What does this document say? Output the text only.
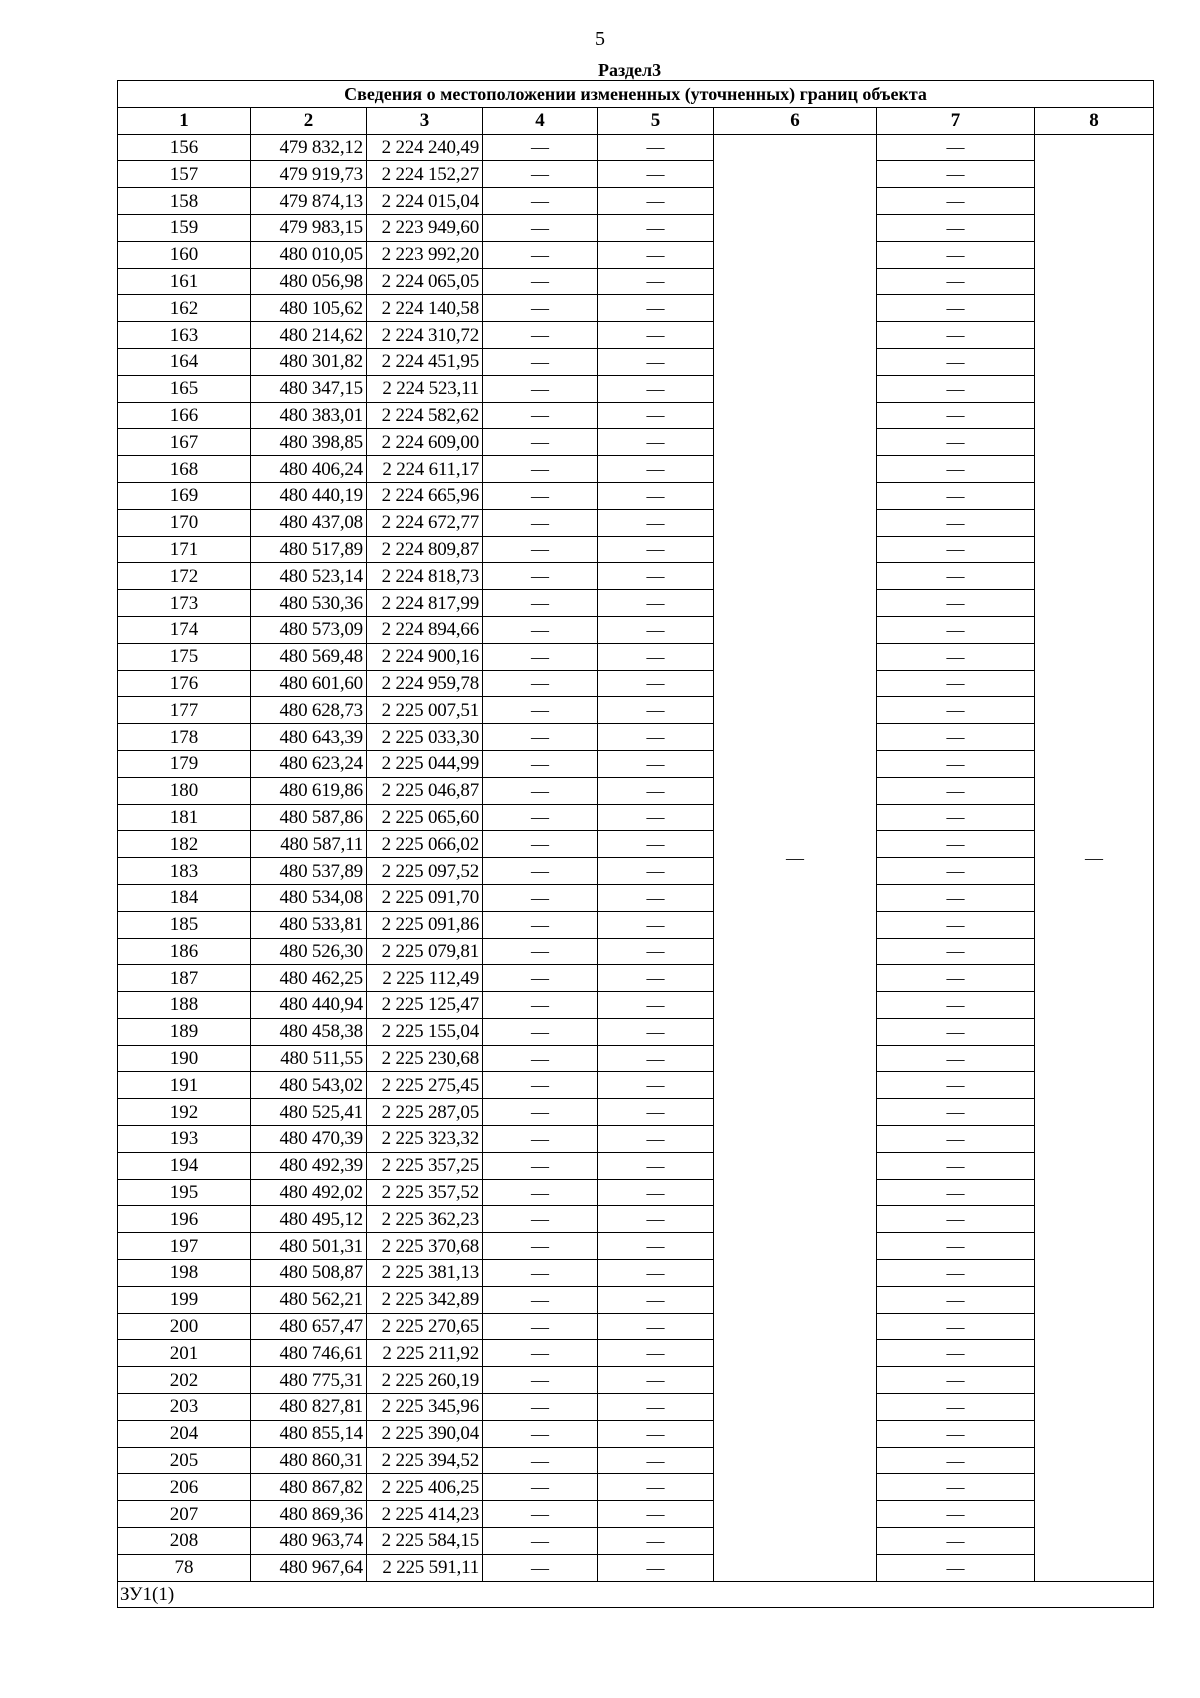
5
Раздел3
Сведения о местоположении измененных (уточненных) границ объекта							
1	2	3	4	5	6	7	8
156	479 832,12	2 224 240,49	—	—	—	—	—
157	479 919,73	2 224 152,27	—	—		—	
158	479 874,13	2 224 015,04	—	—		—	
159	479 983,15	2 223 949,60	—	—		—	
160	480 010,05	2 223 992,20	—	—		—	
161	480 056,98	2 224 065,05	—	—		—	
162	480 105,62	2 224 140,58	—	—		—	
163	480 214,62	2 224 310,72	—	—		—	
164	480 301,82	2 224 451,95	—	—		—	
165	480 347,15	2 224 523,11	—	—		—	
166	480 383,01	2 224 582,62	—	—		—	
167	480 398,85	2 224 609,00	—	—		—	
168	480 406,24	2 224 611,17	—	—		—	
169	480 440,19	2 224 665,96	—	—		—	
170	480 437,08	2 224 672,77	—	—		—	
171	480 517,89	2 224 809,87	—	—		—	
172	480 523,14	2 224 818,73	—	—		—	
173	480 530,36	2 224 817,99	—	—		—	
174	480 573,09	2 224 894,66	—	—		—	
175	480 569,48	2 224 900,16	—	—		—	
176	480 601,60	2 224 959,78	—	—		—	
177	480 628,73	2 225 007,51	—	—		—	
178	480 643,39	2 225 033,30	—	—		—	
179	480 623,24	2 225 044,99	—	—		—	
180	480 619,86	2 225 046,87	—	—		—	
181	480 587,86	2 225 065,60	—	—		—	
182	480 587,11	2 225 066,02	—	—		—	
183	480 537,89	2 225 097,52	—	—		—	
184	480 534,08	2 225 091,70	—	—		—	
185	480 533,81	2 225 091,86	—	—		—	
186	480 526,30	2 225 079,81	—	—		—	
187	480 462,25	2 225 112,49	—	—		—	
188	480 440,94	2 225 125,47	—	—		—	
189	480 458,38	2 225 155,04	—	—		—	
190	480 511,55	2 225 230,68	—	—		—	
191	480 543,02	2 225 275,45	—	—		—	
192	480 525,41	2 225 287,05	—	—		—	
193	480 470,39	2 225 323,32	—	—		—	
194	480 492,39	2 225 357,25	—	—		—	
195	480 492,02	2 225 357,52	—	—		—	
196	480 495,12	2 225 362,23	—	—		—	
197	480 501,31	2 225 370,68	—	—		—	
198	480 508,87	2 225 381,13	—	—		—	
199	480 562,21	2 225 342,89	—	—		—	
200	480 657,47	2 225 270,65	—	—		—	
201	480 746,61	2 225 211,92	—	—		—	
202	480 775,31	2 225 260,19	—	—		—	
203	480 827,81	2 225 345,96	—	—		—	
204	480 855,14	2 225 390,04	—	—		—	
205	480 860,31	2 225 394,52	—	—		—	
206	480 867,82	2 225 406,25	—	—		—	
207	480 869,36	2 225 414,23	—	—		—	
208	480 963,74	2 225 584,15	—	—		—	
78	480 967,64	2 225 591,11	—	—		—	
ЗУ1(1)							
